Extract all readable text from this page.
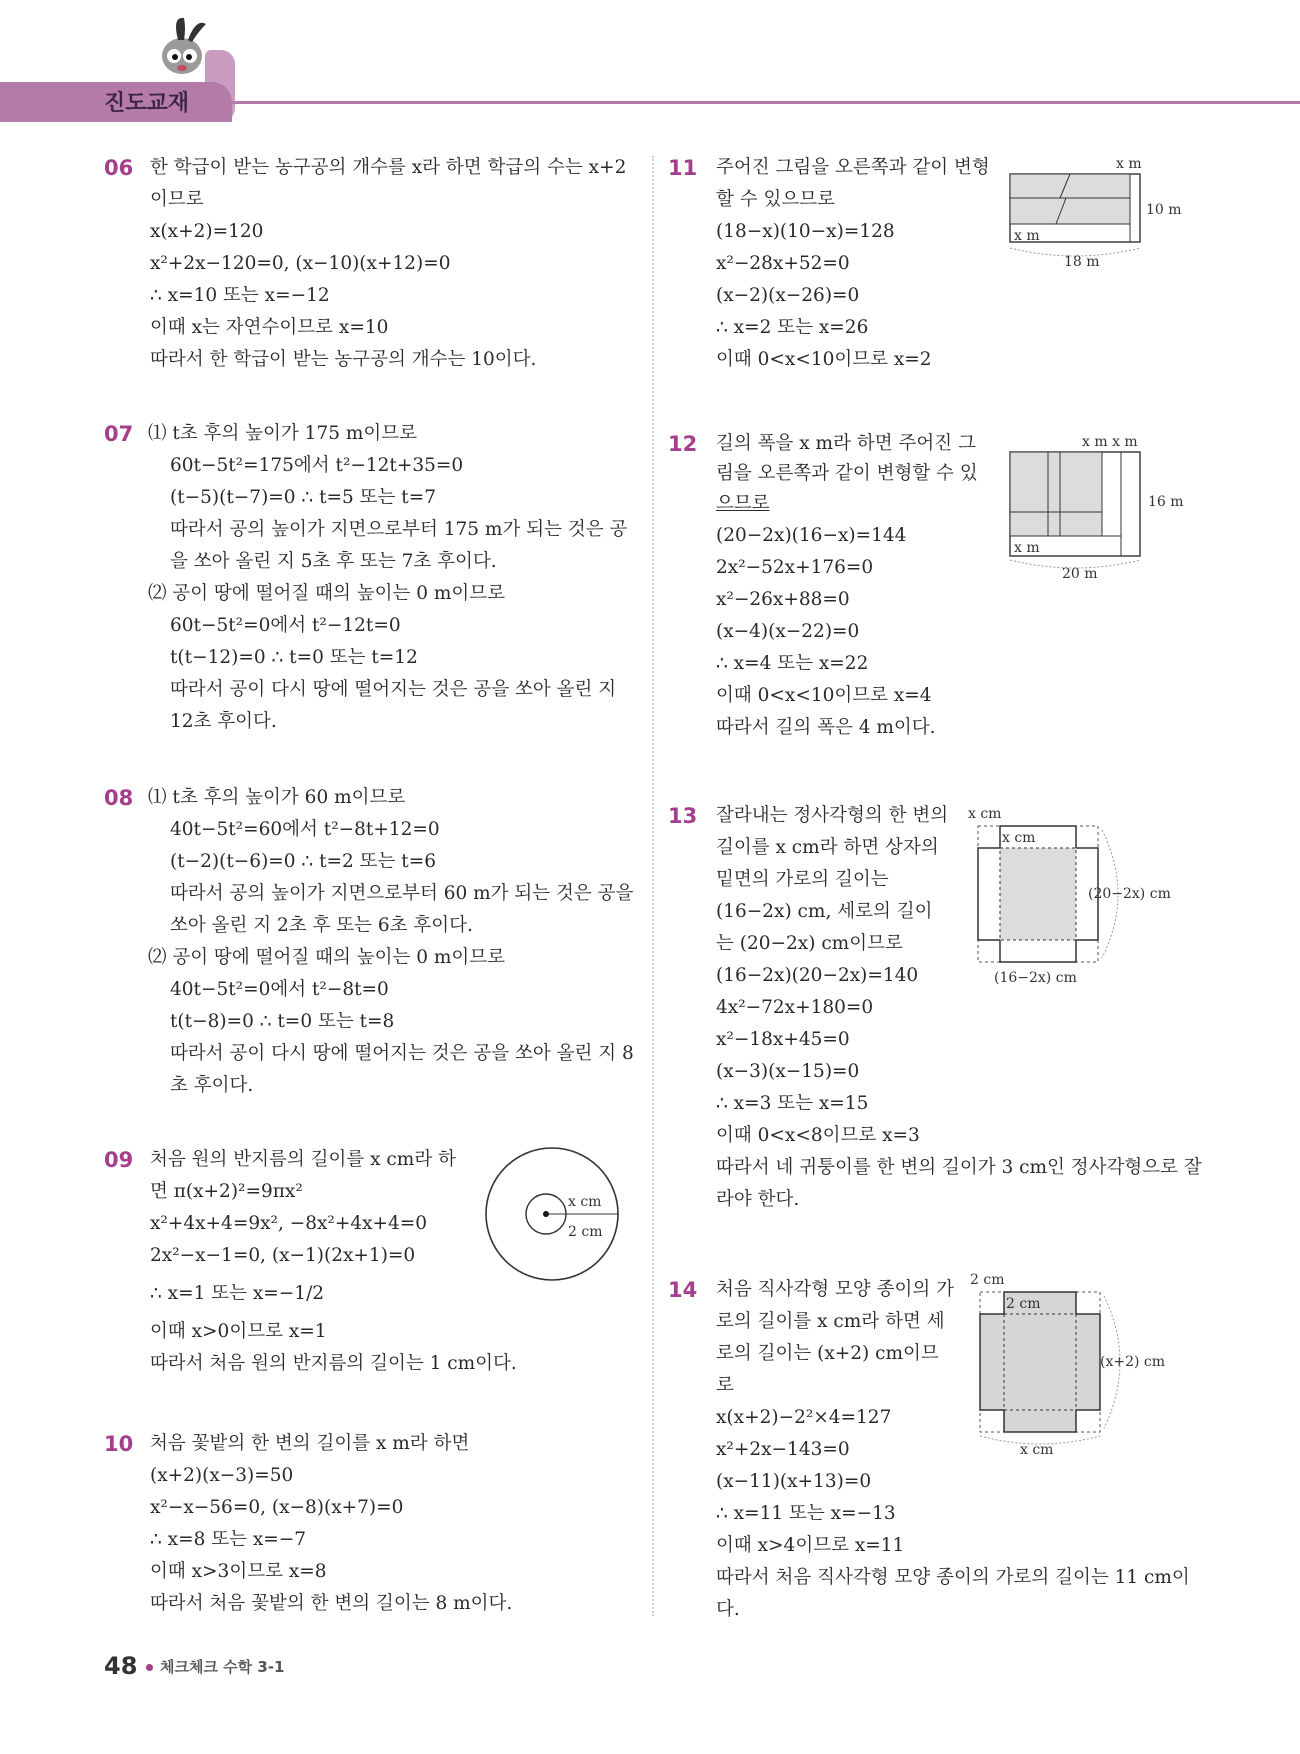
진도교재
06 한 학급이 받는 농구공의 개수를 x라 하면 학급의 수는 x+2
이므로
x(x+2)=120
x²+2x−120=0, (x−10)(x+12)=0
∴ x=10 또는 x=−12
이때 x는 자연수이므로 x=10
따라서 한 학급이 받는 농구공의 개수는 10이다.
07 ⑴ t초 후의 높이가 175 m이므로
60t−5t²=175에서 t²−12t+35=0
(t−5)(t−7)=0 ∴ t=5 또는 t=7
따라서 공의 높이가 지면으로부터 175 m가 되는 것은 공
을 쏘아 올린 지 5초 후 또는 7초 후이다.
⑵ 공이 땅에 떨어질 때의 높이는 0 m이므로
60t−5t²=0에서 t²−12t=0
t(t−12)=0 ∴ t=0 또는 t=12
따라서 공이 다시 땅에 떨어지는 것은 공을 쏘아 올린 지
12초 후이다.
08 ⑴ t초 후의 높이가 60 m이므로
40t−5t²=60에서 t²−8t+12=0
(t−2)(t−6)=0 ∴ t=2 또는 t=6
따라서 공의 높이가 지면으로부터 60 m가 되는 것은 공을
쏘아 올린 지 2초 후 또는 6초 후이다.
⑵ 공이 땅에 떨어질 때의 높이는 0 m이므로
40t−5t²=0에서 t²−8t=0
t(t−8)=0 ∴ t=0 또는 t=8
따라서 공이 다시 땅에 떨어지는 것은 공을 쏘아 올린 지 8
초 후이다.
09 처음 원의 반지름의 길이를 x cm라 하
면 π(x+2)²=9πx²
x²+4x+4=9x², −8x²+4x+4=0
2x²−x−1=0, (x−1)(2x+1)=0
∴ x=1 또는 x=−1/2
이때 x>0이므로 x=1
따라서 처음 원의 반지름의 길이는 1 cm이다.
x cm
2 cm
10 처음 꽃밭의 한 변의 길이를 x m라 하면
(x+2)(x−3)=50
x²−x−56=0, (x−8)(x+7)=0
∴ x=8 또는 x=−7
이때 x>3이므로 x=8
따라서 처음 꽃밭의 한 변의 길이는 8 m이다.
11 주어진 그림을 오른쪽과 같이 변형
할 수 있으므로
(18−x)(10−x)=128
x²−28x+52=0
(x−2)(x−26)=0
∴ x=2 또는 x=26
이때 0<x<10이므로 x=2
x m
10 m
x m
18 m
12 길의 폭을 x m라 하면 주어진 그
림을 오른쪽과 같이 변형할 수 있
으므로
(20−2x)(16−x)=144
2x²−52x+176=0
x²−26x+88=0
(x−4)(x−22)=0
∴ x=4 또는 x=22
이때 0<x<10이므로 x=4
따라서 길의 폭은 4 m이다.
x m x m
16 m
x m
20 m
13 잘라내는 정사각형의 한 변의
길이를 x cm라 하면 상자의
밑면의 가로의 길이는
(16−2x) cm, 세로의 길이
는 (20−2x) cm이므로
(16−2x)(20−2x)=140
4x²−72x+180=0
x²−18x+45=0
(x−3)(x−15)=0
∴ x=3 또는 x=15
이때 0<x<8이므로 x=3
따라서 네 귀퉁이를 한 변의 길이가 3 cm인 정사각형으로 잘
라야 한다.
x cm
x cm
(20−2x) cm
(16−2x) cm
14 처음 직사각형 모양 종이의 가
로의 길이를 x cm라 하면 세
로의 길이는 (x+2) cm이므
로
x(x+2)−2²×4=127
x²+2x−143=0
(x−11)(x+13)=0
∴ x=11 또는 x=−13
이때 x>4이므로 x=11
따라서 처음 직사각형 모양 종이의 가로의 길이는 11 cm이
다.
2 cm
2 cm
(x+2) cm
x cm
48 체크체크 수학 3-1
